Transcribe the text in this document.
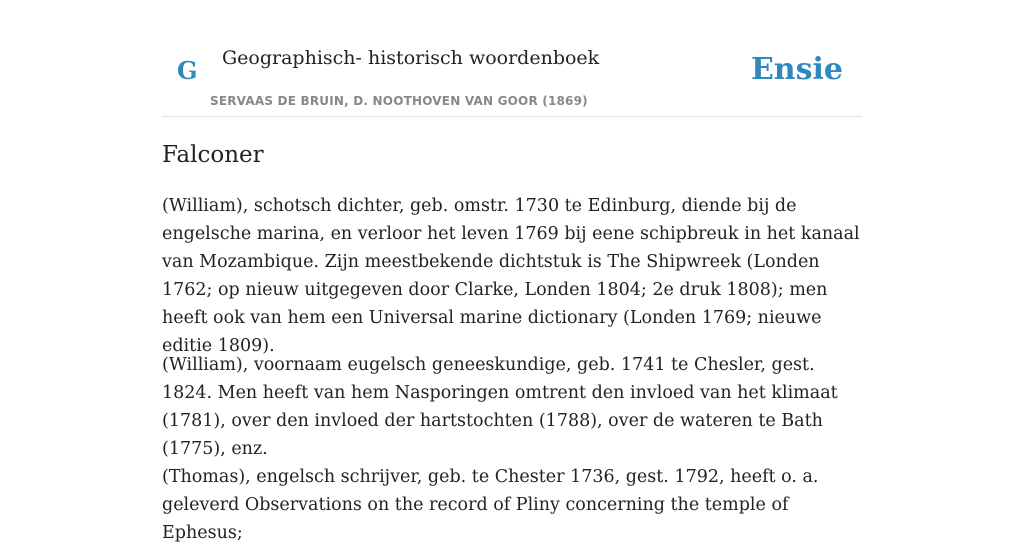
G Geographisch- historisch woordenboek
SERVAAS DE BRUIN, D. NOOTHOVEN VAN GOOR (1869)
Ensie
Falconer

(William), schotsch dichter, geb. omstr. 1730 te Edinburg, diende bij de engelsche marina, en verloor het leven 1769 bij eene schipbreuk in het kanaal van Mozambique. Zijn meestbekende dichtstuk is The Shipwreek (Londen 1762; op nieuw uitgegeven door Clarke, Londen 1804; 2e druk 1808); men heeft ook van hem een Universal marine dictionary (Londen 1769; nieuwe editie 1809).

(William), voornaam eugelsch geneeskundige, geb. 1741 te Chesler, gest. 1824. Men heeft van hem Nasporingen omtrent den invloed van het klimaat (1781), over den invloed der hartstochten (1788), over de wateren te Bath (1775), enz.

(Thomas), engelsch schrijver, geb. te Chester 1736, gest. 1792, heeft o. a. geleverd Observations on the record of Pliny concerning the temple of Ephesus;
